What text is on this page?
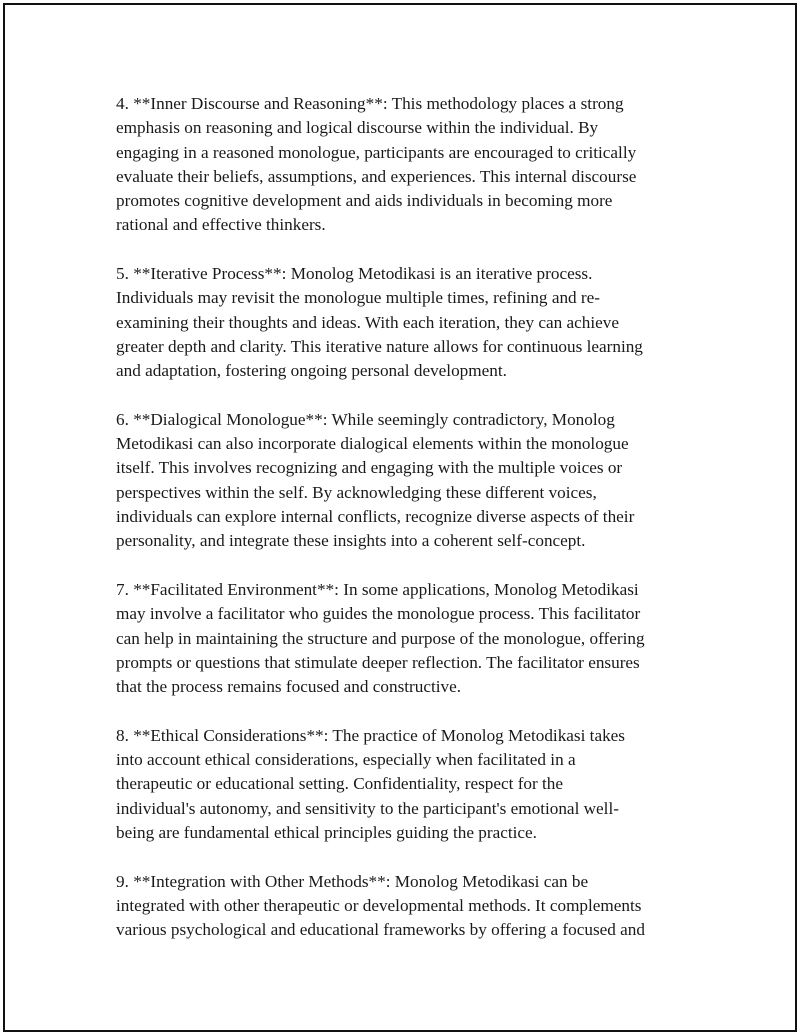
4. **Inner Discourse and Reasoning**: This methodology places a strong
emphasis on reasoning and logical discourse within the individual. By
engaging in a reasoned monologue, participants are encouraged to critically
evaluate their beliefs, assumptions, and experiences. This internal discourse
promotes cognitive development and aids individuals in becoming more
rational and effective thinkers.

5. **Iterative Process**: Monolog Metodikasi is an iterative process.
Individuals may revisit the monologue multiple times, refining and re-
examining their thoughts and ideas. With each iteration, they can achieve
greater depth and clarity. This iterative nature allows for continuous learning
and adaptation, fostering ongoing personal development.

6. **Dialogical Monologue**: While seemingly contradictory, Monolog
Metodikasi can also incorporate dialogical elements within the monologue
itself. This involves recognizing and engaging with the multiple voices or
perspectives within the self. By acknowledging these different voices,
individuals can explore internal conflicts, recognize diverse aspects of their
personality, and integrate these insights into a coherent self-concept.

7. **Facilitated Environment**: In some applications, Monolog Metodikasi
may involve a facilitator who guides the monologue process. This facilitator
can help in maintaining the structure and purpose of the monologue, offering
prompts or questions that stimulate deeper reflection. The facilitator ensures
that the process remains focused and constructive.

8. **Ethical Considerations**: The practice of Monolog Metodikasi takes
into account ethical considerations, especially when facilitated in a
therapeutic or educational setting. Confidentiality, respect for the
individual's autonomy, and sensitivity to the participant's emotional well-
being are fundamental ethical principles guiding the practice.

9. **Integration with Other Methods**: Monolog Metodikasi can be
integrated with other therapeutic or developmental methods. It complements
various psychological and educational frameworks by offering a focused and
